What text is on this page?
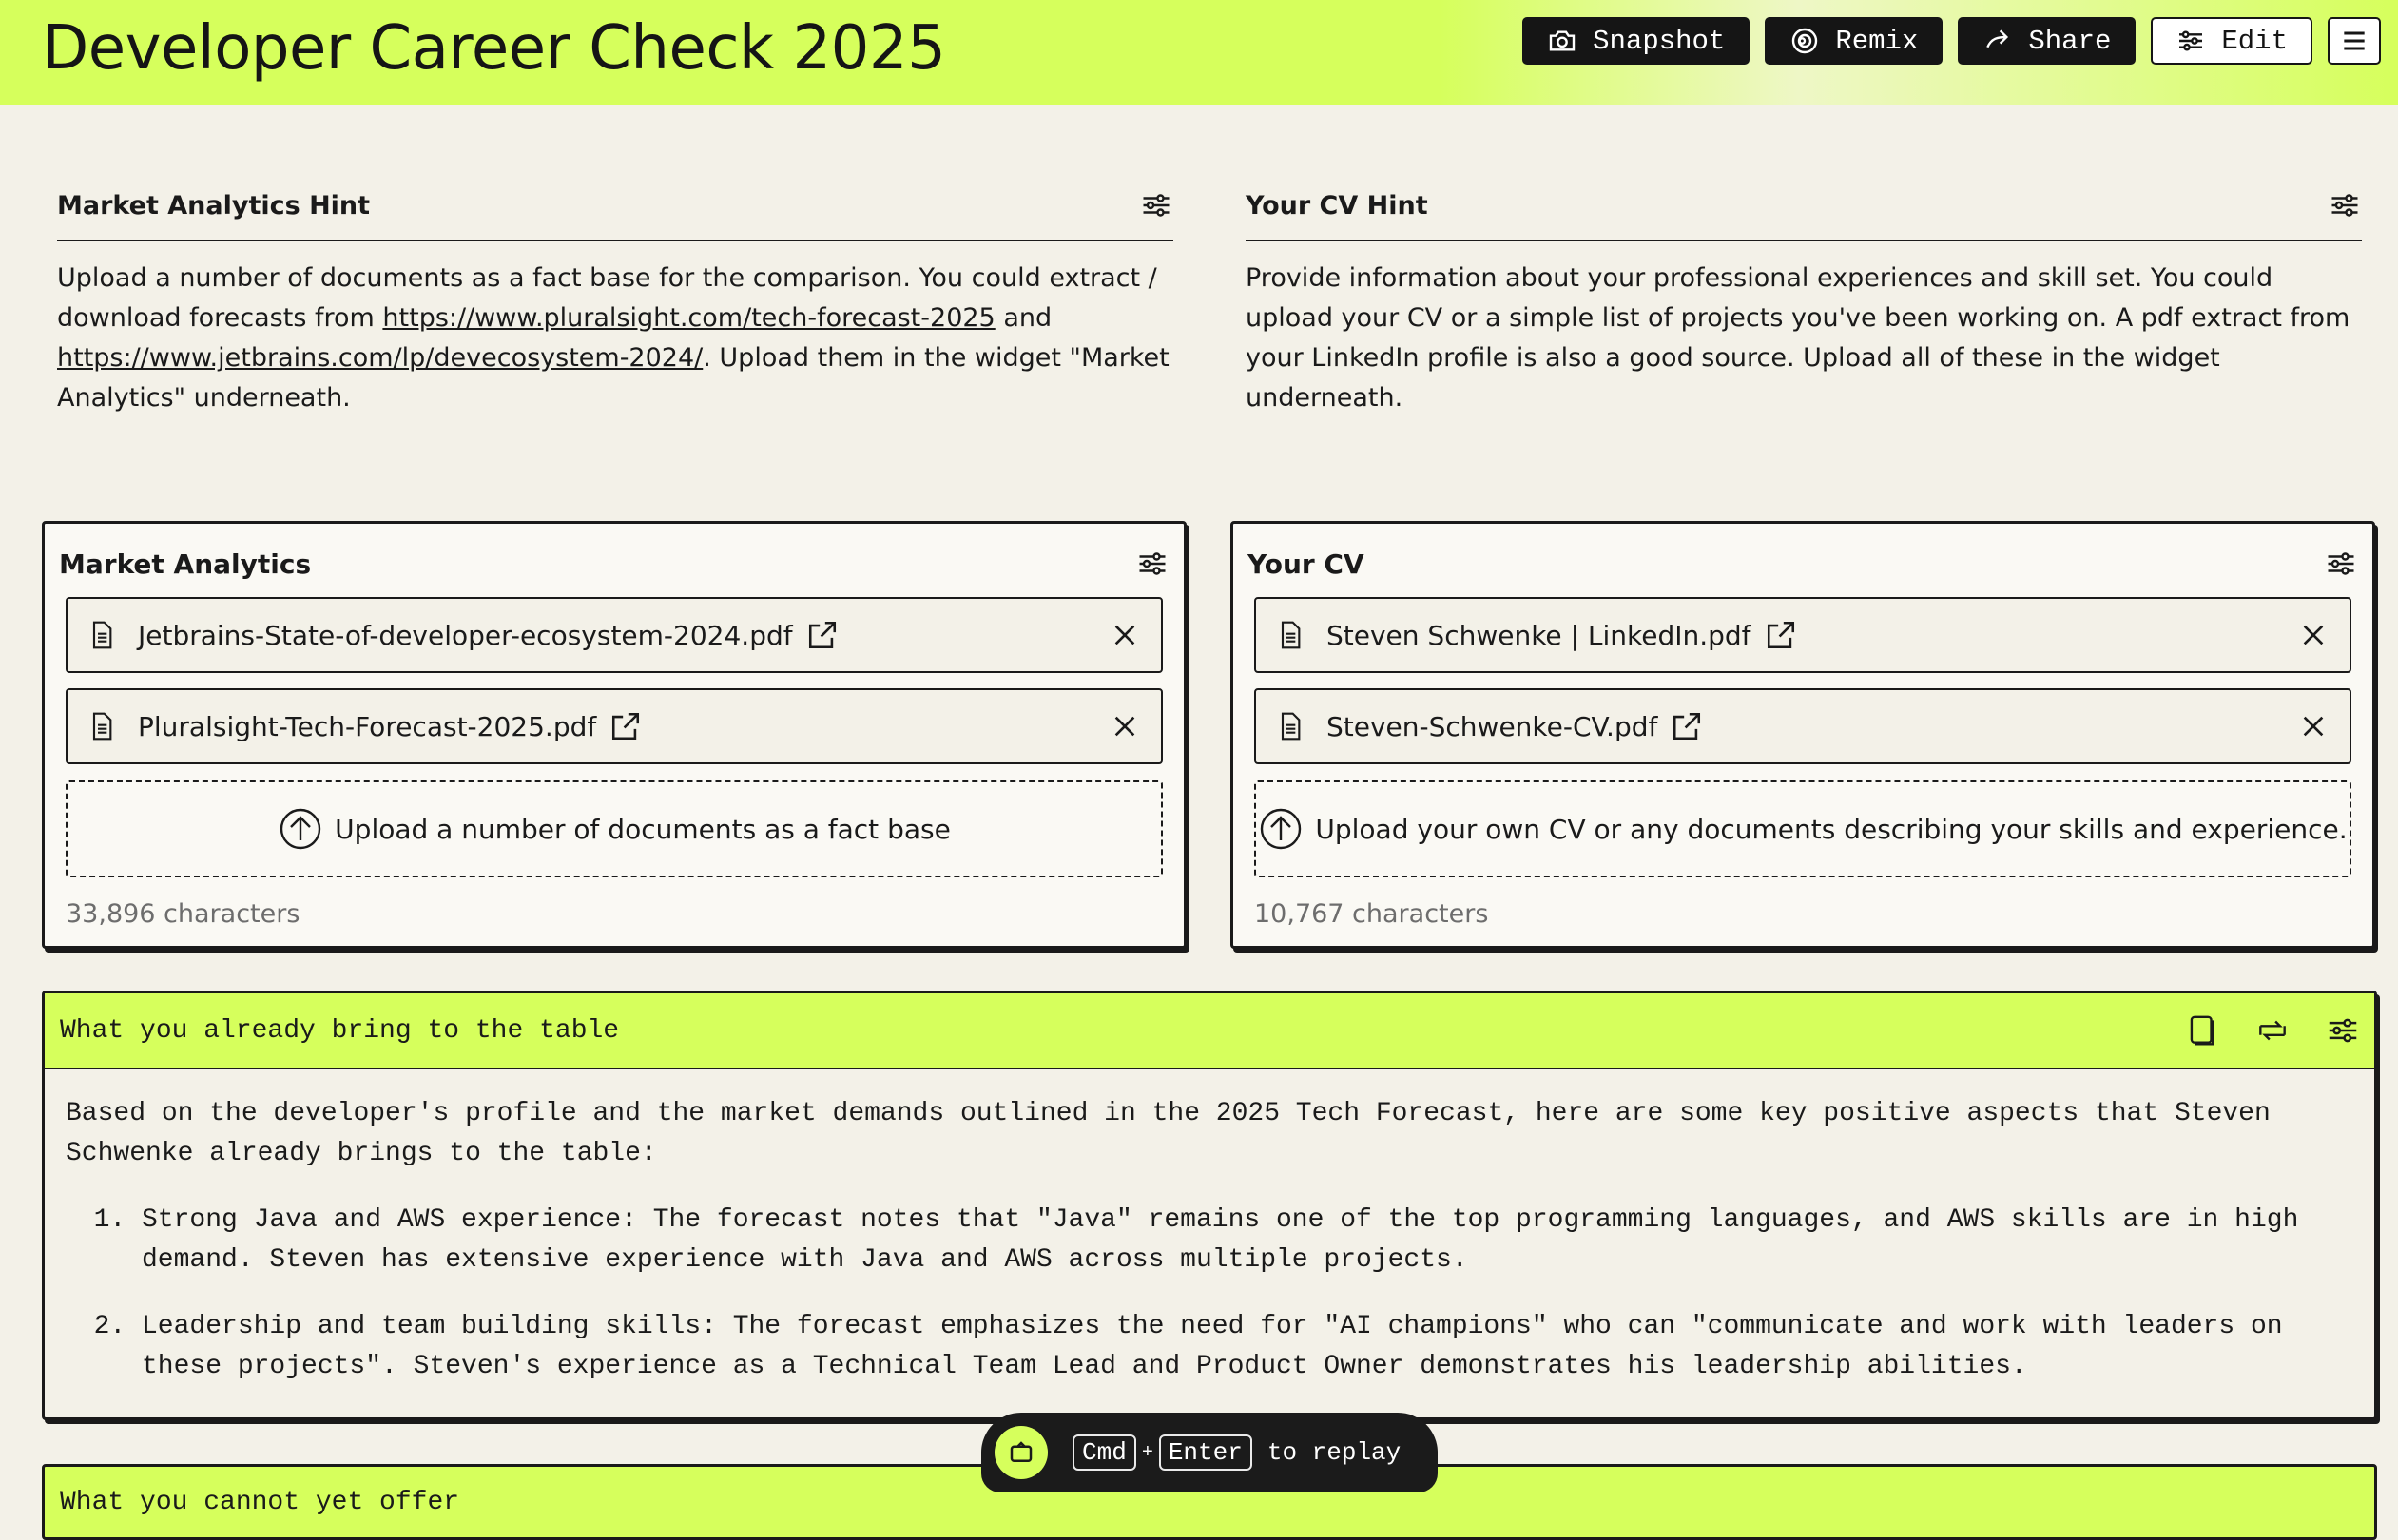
Developer Career Check 2025	Snapshot	Remix	Share	Edit
Market Analytics Hint
Upload a number of documents as a fact base for the comparison. You could extract / download forecasts from https://www.pluralsight.com/tech-forecast-2025 and https://www.jetbrains.com/lp/devecosystem-2024/. Upload them in the widget "Market Analytics" underneath.
Your CV Hint
Provide information about your professional experiences and skill set. You could upload your CV or a simple list of projects you've been working on. A pdf extract from your LinkedIn profile is also a good source. Upload all of these in the widget underneath.
Market Analytics
Jetbrains-State-of-developer-ecosystem-2024.pdf
Pluralsight-Tech-Forecast-2025.pdf
Upload a number of documents as a fact base
33,896 characters
Your CV
Steven Schwenke | LinkedIn.pdf
Steven-Schwenke-CV.pdf
Upload your own CV or any documents describing your skills and experience.
10,767 characters
What you already bring to the table

Based on the developer's profile and the market demands outlined in the 2025 Tech Forecast, here are some key positive aspects that Steven Schwenke already brings to the table:

1. Strong Java and AWS experience: The forecast notes that "Java" remains one of the top programming languages, and AWS skills are in high demand. Steven has extensive experience with Java and AWS across multiple projects.
2. Leadership and team building skills: The forecast emphasizes the need for "AI champions" who can "communicate and work with leaders on these projects". Steven's experience as a Technical Team Lead and Product Owner demonstrates his leadership abilities.
What you cannot yet offer
Cmd + Enter	to replay
